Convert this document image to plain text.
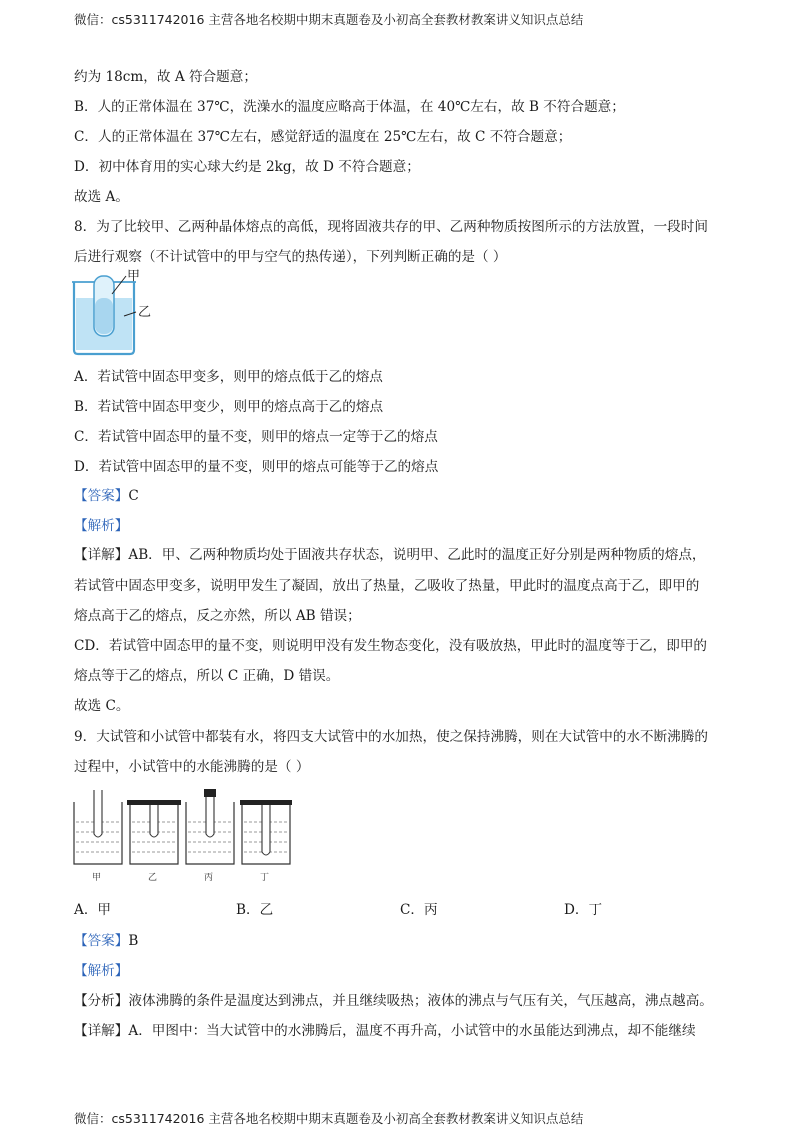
微信：cs5311742016 主营各地名校期中期末真题卷及小初高全套教材教案讲义知识点总结
约为 18cm，故 A 符合题意；
B．人的正常体温在 37℃，洗澡水的温度应略高于体温，在 40℃左右，故 B 不符合题意；
C．人的正常体温在 37℃左右，感觉舒适的温度在 25℃左右，故 C 不符合题意；
D．初中体育用的实心球大约是 2kg，故 D 不符合题意；
故选 A。
8．为了比较甲、乙两种晶体熔点的高低，现将固液共存的甲、乙两种物质按图所示的方法放置，一段时间
后进行观察（不计试管中的甲与空气的热传递），下列判断正确的是（ ）
甲
乙
A．若试管中固态甲变多，则甲的熔点低于乙的熔点
B．若试管中固态甲变少，则甲的熔点高于乙的熔点
C．若试管中固态甲的量不变，则甲的熔点一定等于乙的熔点
D．若试管中固态甲的量不变，则甲的熔点可能等于乙的熔点
【答案】C
【解析】
【详解】AB．甲、乙两种物质均处于固液共存状态，说明甲、乙此时的温度正好分别是两种物质的熔点，
若试管中固态甲变多，说明甲发生了凝固，放出了热量，乙吸收了热量，甲此时的温度点高于乙，即甲的
熔点高于乙的熔点，反之亦然，所以 AB 错误；
CD．若试管中固态甲的量不变，则说明甲没有发生物态变化，没有吸放热，甲此时的温度等于乙，即甲的
熔点等于乙的熔点，所以 C 正确，D 错误。
故选 C。
9．大试管和小试管中都装有水，将四支大试管中的水加热，使之保持沸腾，则在大试管中的水不断沸腾的
过程中，小试管中的水能沸腾的是（ ）
甲	乙	丙	丁
A．甲	B．乙	C．丙	D．丁
【答案】B
【解析】
【分析】液体沸腾的条件是温度达到沸点，并且继续吸热；液体的沸点与气压有关，气压越高，沸点越高。
【详解】A．甲图中：当大试管中的水沸腾后，温度不再升高，小试管中的水虽能达到沸点，却不能继续
微信：cs5311742016 主营各地名校期中期末真题卷及小初高全套教材教案讲义知识点总结
